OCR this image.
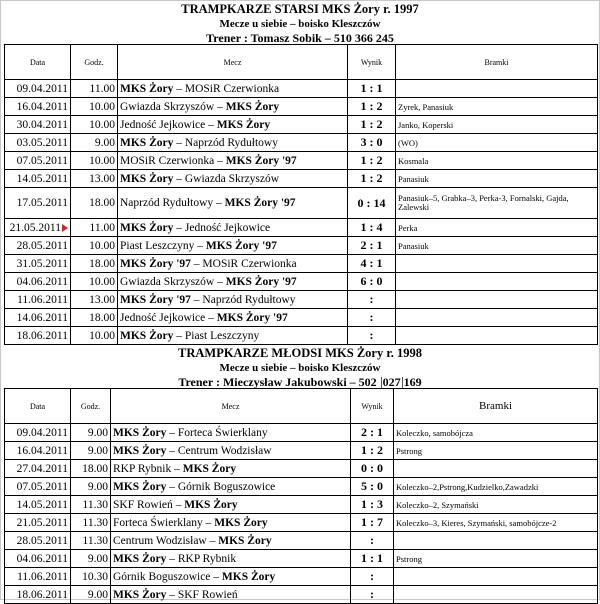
TRAMPKARZE STARSI MKS Żory r. 1997
Mecze u siebie – boisko Kleszczów
Trener : Tomasz Sobik – 510 366 245
Data	Godz.	Mecz	Wynik	Bramki
09.04.2011	11.00	MKS Żory – MOSiR Czerwionka	1 : 1	
16.04.2011	10.00	Gwiazda Skrzyszów – MKS Żory	1 : 2	Zyrek, Panasiuk
30.04.2011	10.00	Jedność Jejkowice – MKS Żory	1 : 2	Janko, Koperski
03.05.2011	9.00	MKS Żory – Naprzód Rydułtowy	3 : 0	(WO)
07.05.2011	10.00	MOSiR Czerwionka – MKS Żory '97	1 : 2	Kosmala
14.05.2011	13.00	MKS Żory – Gwiazda Skrzyszów	1 : 2	Panasiuk
17.05.2011	18.00	Naprzód Rydułtowy – MKS Żory '97	0 : 14	Panasiuk–5, Grabka–3, Perka-3, Fornalski, Gajda, Zalewski
21.05.2011	11.00	MKS Żory – Jedność Jejkowice	1 : 4	Perka
28.05.2011	10.00	Piast Leszczyny – MKS Żory '97	2 : 1	Panasiuk
31.05.2011	18.00	MKS Żory '97 – MOSiR Czerwionka	4 : 1	
04.06.2011	10.00	Gwiazda Skrzyszów – MKS Żory '97	6 : 0	
11.06.2011	13.00	MKS Żory '97 – Naprzód Rydułtowy	:	
14.06.2011	18.00	Jedność Jejkowice – MKS Żory '97	:	
18.06.2011	10.00	MKS Żory – Piast Leszczyny	:	
TRAMPKARZE MŁODSI MKS Żory r. 1998
Mecze u siebie – boisko Kleszczów
Trener : Mieczysław Jakubowski – 502 027 169
Data	Godz.	Mecz	Wynik	Bramki
09.04.2011	9.00	MKS Żory – Forteca Świerklany	2 : 1	Koleczko, samobójcza
16.04.2011	9.00	MKS Żory – Centrum Wodzisław	1 : 2	Pstrong
27.04.2011	18.00	RKP Rybnik – MKS Żory	0 : 0	
07.05.2011	9.00	MKS Żory – Górnik Boguszowice	5 : 0	Koleczko–2,Pstrong,Kudzielko,Zawadzki
14.05.2011	11.30	SKF Rowień – MKS Żory	1 : 3	Koleczko–2, Szymański
21.05.2011	11.30	Forteca Świerklany – MKS Żory	1 : 7	Koleczko–3, Kieres, Szymański, samobójcze-2
28.05.2011	11.30	Centrum Wodzisław – MKS Żory	:	
04.06.2011	9.00	MKS Żory – RKP Rybnik	1 : 1	Pstrong
11.06.2011	10.30	Górnik Boguszowice – MKS Żory	:	
18.06.2011	9.00	MKS Żory – SKF Rowień	:	
